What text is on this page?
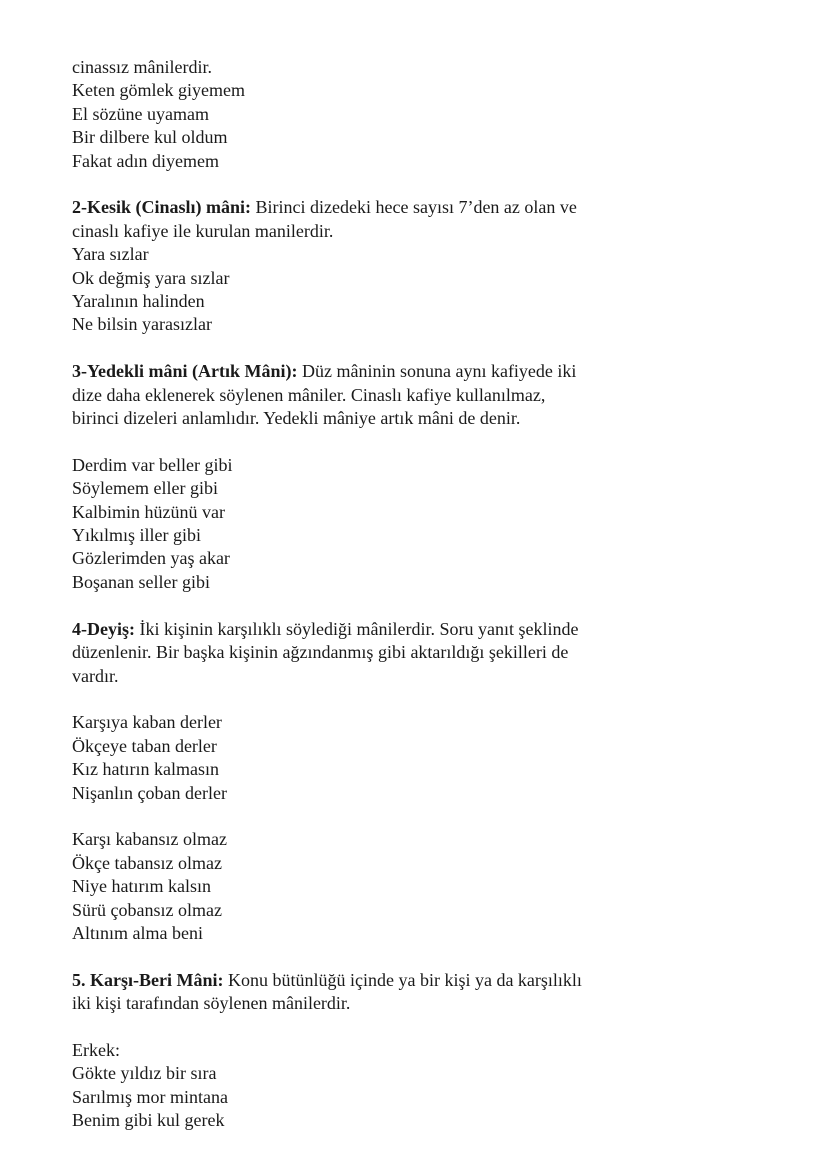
cinassız mânilerdir.
Keten gömlek giyemem
El sözüne uyamam
Bir dilbere kul oldum
Fakat adın diyemem
2-Kesik (Cinaslı) mâni: Birinci dizedeki hece sayısı 7’den az olan ve
cinaslı kafiye ile kurulan manilerdir.
Yara sızlar
Ok değmiş yara sızlar
Yaralının halinden
Ne bilsin yarasızlar
3-Yedekli mâni (Artık Mâni): Düz mâninin sonuna aynı kafiyede iki
dize daha eklenerek söylenen mâniler. Cinaslı kafiye kullanılmaz,
birinci dizeleri anlamlıdır. Yedekli mâniye artık mâni de denir.
Derdim var beller gibi
Söylemem eller gibi
Kalbimin hüzünü var
Yıkılmış iller gibi
Gözlerimden yaş akar
Boşanan seller gibi
4-Deyiş: İki kişinin karşılıklı söylediği mânilerdir. Soru yanıt şeklinde
düzenlenir. Bir başka kişinin ağzındanmış gibi aktarıldığı şekilleri de
vardır.
Karşıya kaban derler
Ökçeye taban derler
Kız hatırın kalmasın
Nişanlın çoban derler
Karşı kabansız olmaz
Ökçe tabansız olmaz
Niye hatırım kalsın
Sürü çobansız olmaz
Altınım alma beni
5. Karşı-Beri Mâni: Konu bütünlüğü içinde ya bir kişi ya da karşılıklı
iki kişi tarafından söylenen mânilerdir.
Erkek:
Gökte yıldız bir sıra
Sarılmış mor mintana
Benim gibi kul gerek
